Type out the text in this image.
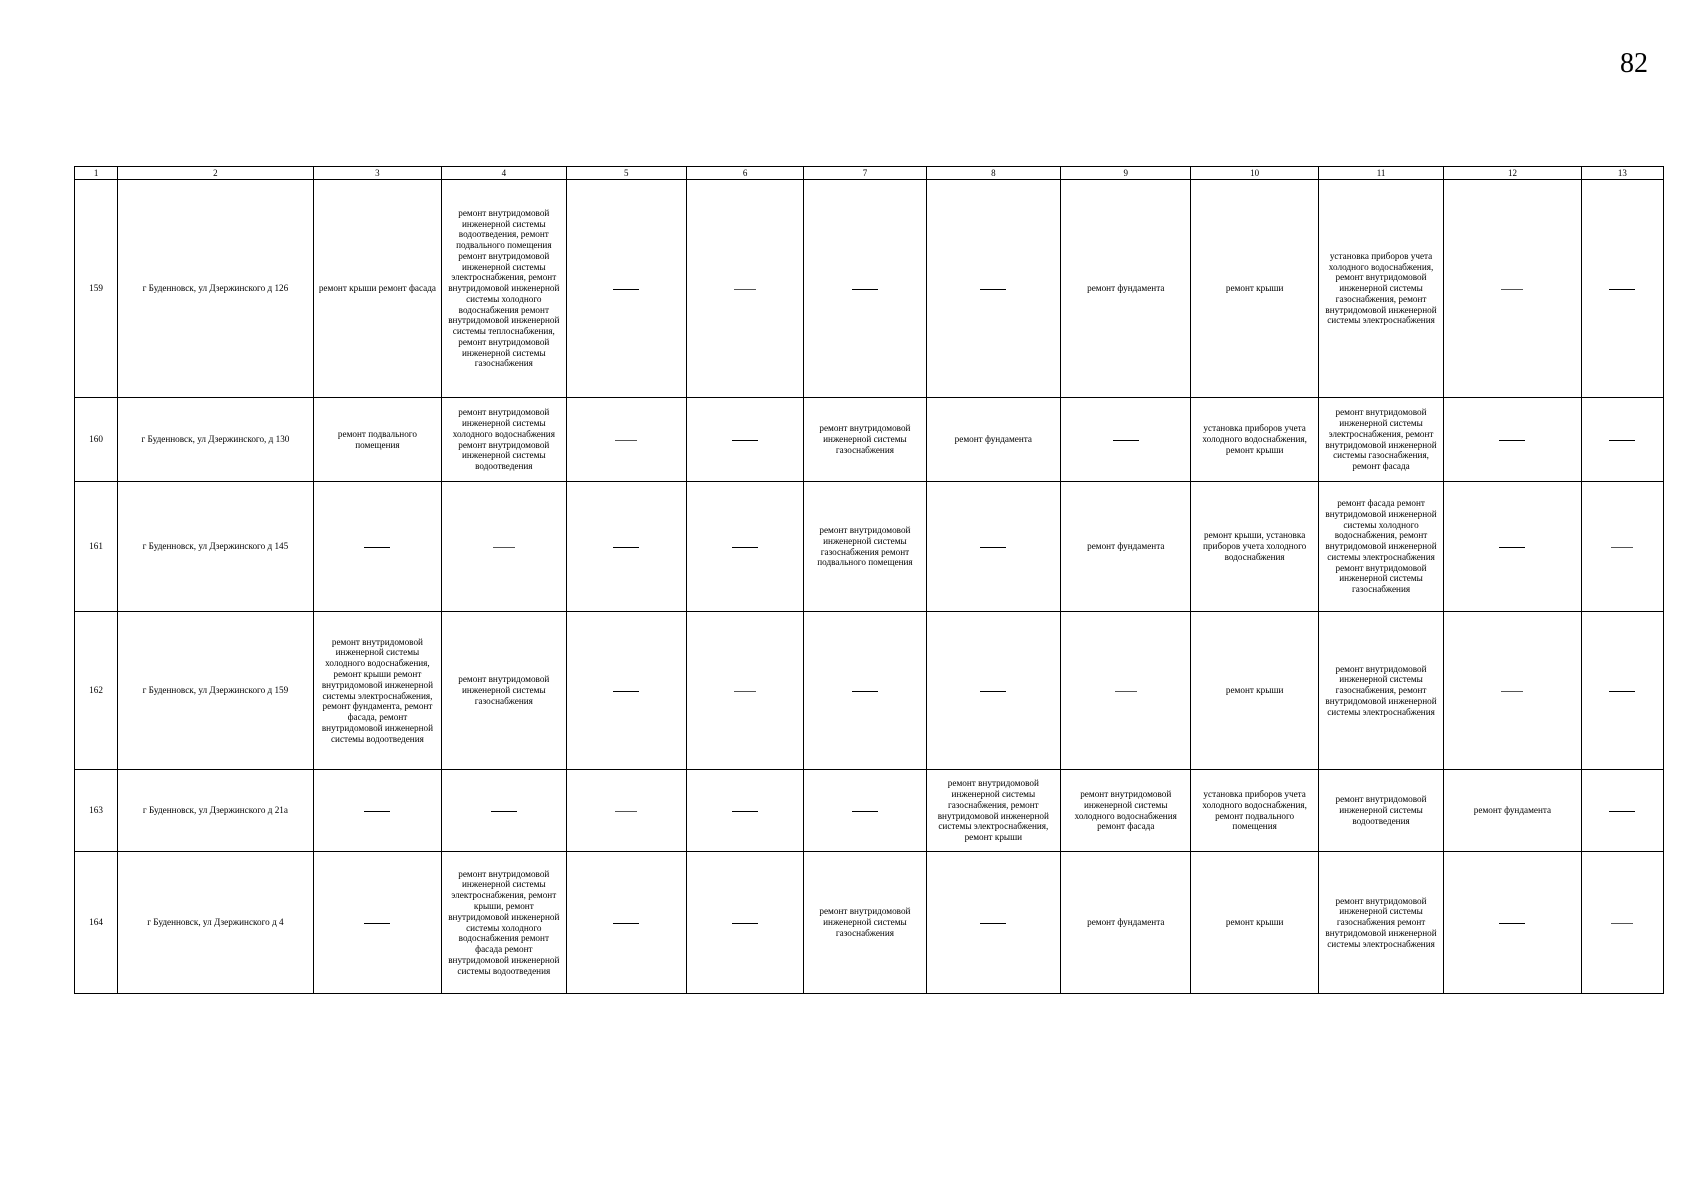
82
1	2	3	4	5	6	7	8	9	10	11	12	13
159	г Буденновск, ул Дзержинского д 126	ремонт крыши ремонт фасада	ремонт внутридомовой инженерной системы водоотведения, ремонт подвального помещения ремонт внутридомовой инженерной системы электроснабжения, ремонт внутридомовой инженерной системы холодного водоснабжения ремонт внутридомовой инженерной системы теплоснабжения, ремонт внутридомовой инженерной системы газоснабжения					ремонт фундамента	ремонт крыши	установка приборов учета холодного водоснабжения, ремонт внутридомовой инженерной системы газоснабжения, ремонт внутридомовой инженерной системы электроснабжения		
160	г Буденновск, ул Дзержинского, д 130	ремонт подвального помещения	ремонт внутридомовой инженерной системы холодного водоснабжения ремонт внутридомовой инженерной системы водоотведения			ремонт внутридомовой инженерной системы газоснабжения	ремонт фундамента		установка приборов учета холодного водоснабжения, ремонт крыши	ремонт внутридомовой инженерной системы электроснабжения, ремонт внутридомовой инженерной системы газоснабжения, ремонт фасада		
161	г Буденновск, ул Дзержинского д 145					ремонт внутридомовой инженерной системы газоснабжения ремонт подвального помещения		ремонт фундамента	ремонт крыши, установка приборов учета холодного водоснабжения	ремонт фасада ремонт внутридомовой инженерной системы холодного водоснабжения, ремонт внутридомовой инженерной системы электроснабжения ремонт внутридомовой инженерной системы газоснабжения		
162	г Буденновск, ул Дзержинского д 159	ремонт внутридомовой инженерной системы холодного водоснабжения, ремонт крыши ремонт внутридомовой инженерной системы электроснабжения, ремонт фундамента, ремонт фасада, ремонт внутридомовой инженерной системы водоотведения	ремонт внутридомовой инженерной системы газоснабжения						ремонт крыши	ремонт внутридомовой инженерной системы газоснабжения, ремонт внутридомовой инженерной системы электроснабжения		
163	г Буденновск, ул Дзержинского д 21а						ремонт внутридомовой инженерной системы газоснабжения, ремонт внутридомовой инженерной системы электроснабжения, ремонт крыши	ремонт внутридомовой инженерной системы холодного водоснабжения ремонт фасада	установка приборов учета холодного водоснабжения, ремонт подвального помещения	ремонт внутридомовой инженерной системы водоотведения	ремонт фундамента	
164	г Буденновск, ул Дзержинского д 4		ремонт внутридомовой инженерной системы электроснабжения, ремонт крыши, ремонт внутридомовой инженерной системы холодного водоснабжения ремонт фасада ремонт внутридомовой инженерной системы водоотведения			ремонт внутридомовой инженерной системы газоснабжения		ремонт фундамента	ремонт крыши	ремонт внутридомовой инженерной системы газоснабжения ремонт внутридомовой инженерной системы электроснабжения		
